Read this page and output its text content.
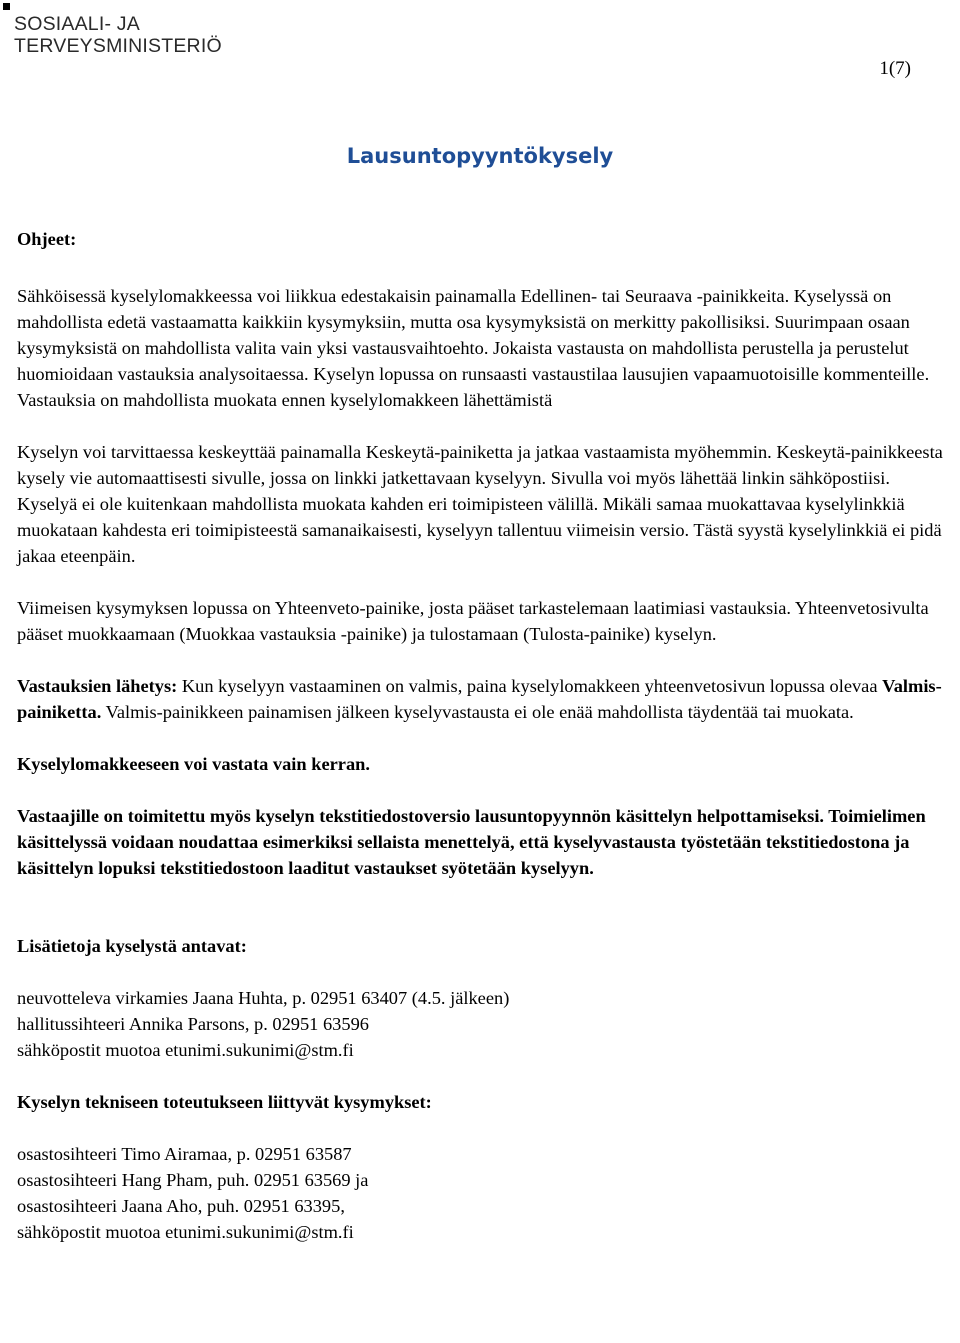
SOSIAALI- JA
TERVEYSMINISTERIÖ
1(7)
Lausuntopyyntökysely

Ohjeet:

Sähköisessä kyselylomakkeessa voi liikkua edestakaisin painamalla Edellinen- tai Seuraava -painikkeita. Kyselyssä on mahdollista edetä vastaamatta kaikkiin kysymyksiin, mutta osa kysymyksistä on merkitty pakollisiksi. Suurimpaan osaan kysymyksistä on mahdollista valita vain yksi vastausvaihtoehto. Jokaista vastausta on mahdollista perustella ja perustelut huomioidaan vastauksia analysoitaessa. Kyselyn lopussa on runsaasti vastaustilaa lausujien vapaamuotoisille kommenteille. Vastauksia on mahdollista muokata ennen kyselylomakkeen lähettämistä

Kyselyn voi tarvittaessa keskeyttää painamalla Keskeytä-painiketta ja jatkaa vastaamista myöhemmin. Keskeytä-painikkeesta kysely vie automaattisesti sivulle, jossa on linkki jatkettavaan kyselyyn. Sivulla voi myös lähettää linkin sähköpostiisi. Kyselyä ei ole kuitenkaan mahdollista muokata kahden eri toimipisteen välillä. Mikäli samaa muokattavaa kyselylinkkiä muokataan kahdesta eri toimipisteestä samanaikaisesti, kyselyyn tallentuu viimeisin versio. Tästä syystä kyselylinkkiä ei pidä jakaa eteenpäin.

Viimeisen kysymyksen lopussa on Yhteenveto-painike, josta pääset tarkastelemaan laatimiasi vastauksia. Yhteenvetosivulta pääset muokkaamaan (Muokkaa vastauksia -painike) ja tulostamaan (Tulosta-painike) kyselyn.

Vastauksien lähetys: Kun kyselyyn vastaaminen on valmis, paina kyselylomakkeen yhteenvetosivun lopussa olevaa Valmis-painiketta. Valmis-painikkeen painamisen jälkeen kyselyvastausta ei ole enää mahdollista täydentää tai muokata.

Kyselylomakkeeseen voi vastata vain kerran.

Vastaajille on toimitettu myös kyselyn tekstitiedostoversio lausuntopyynnön käsittelyn helpottamiseksi. Toimielimen käsittelyssä voidaan noudattaa esimerkiksi sellaista menettelyä, että kyselyvastausta työstetään tekstitiedostona ja käsittelyn lopuksi tekstitiedostoon laaditut vastaukset syötetään kyselyyn.

Lisätietoja kyselystä antavat:

neuvotteleva virkamies Jaana Huhta, p. 02951 63407 (4.5. jälkeen)

hallitussihteeri Annika Parsons, p. 02951 63596

sähköpostit muotoa etunimi.sukunimi@stm.fi

Kyselyn tekniseen toteutukseen liittyvät kysymykset:

osastosihteeri Timo Airamaa, p. 02951 63587

osastosihteeri Hang Pham, puh. 02951 63569 ja

osastosihteeri Jaana Aho, puh. 02951 63395,

sähköpostit muotoa etunimi.sukunimi@stm.fi
